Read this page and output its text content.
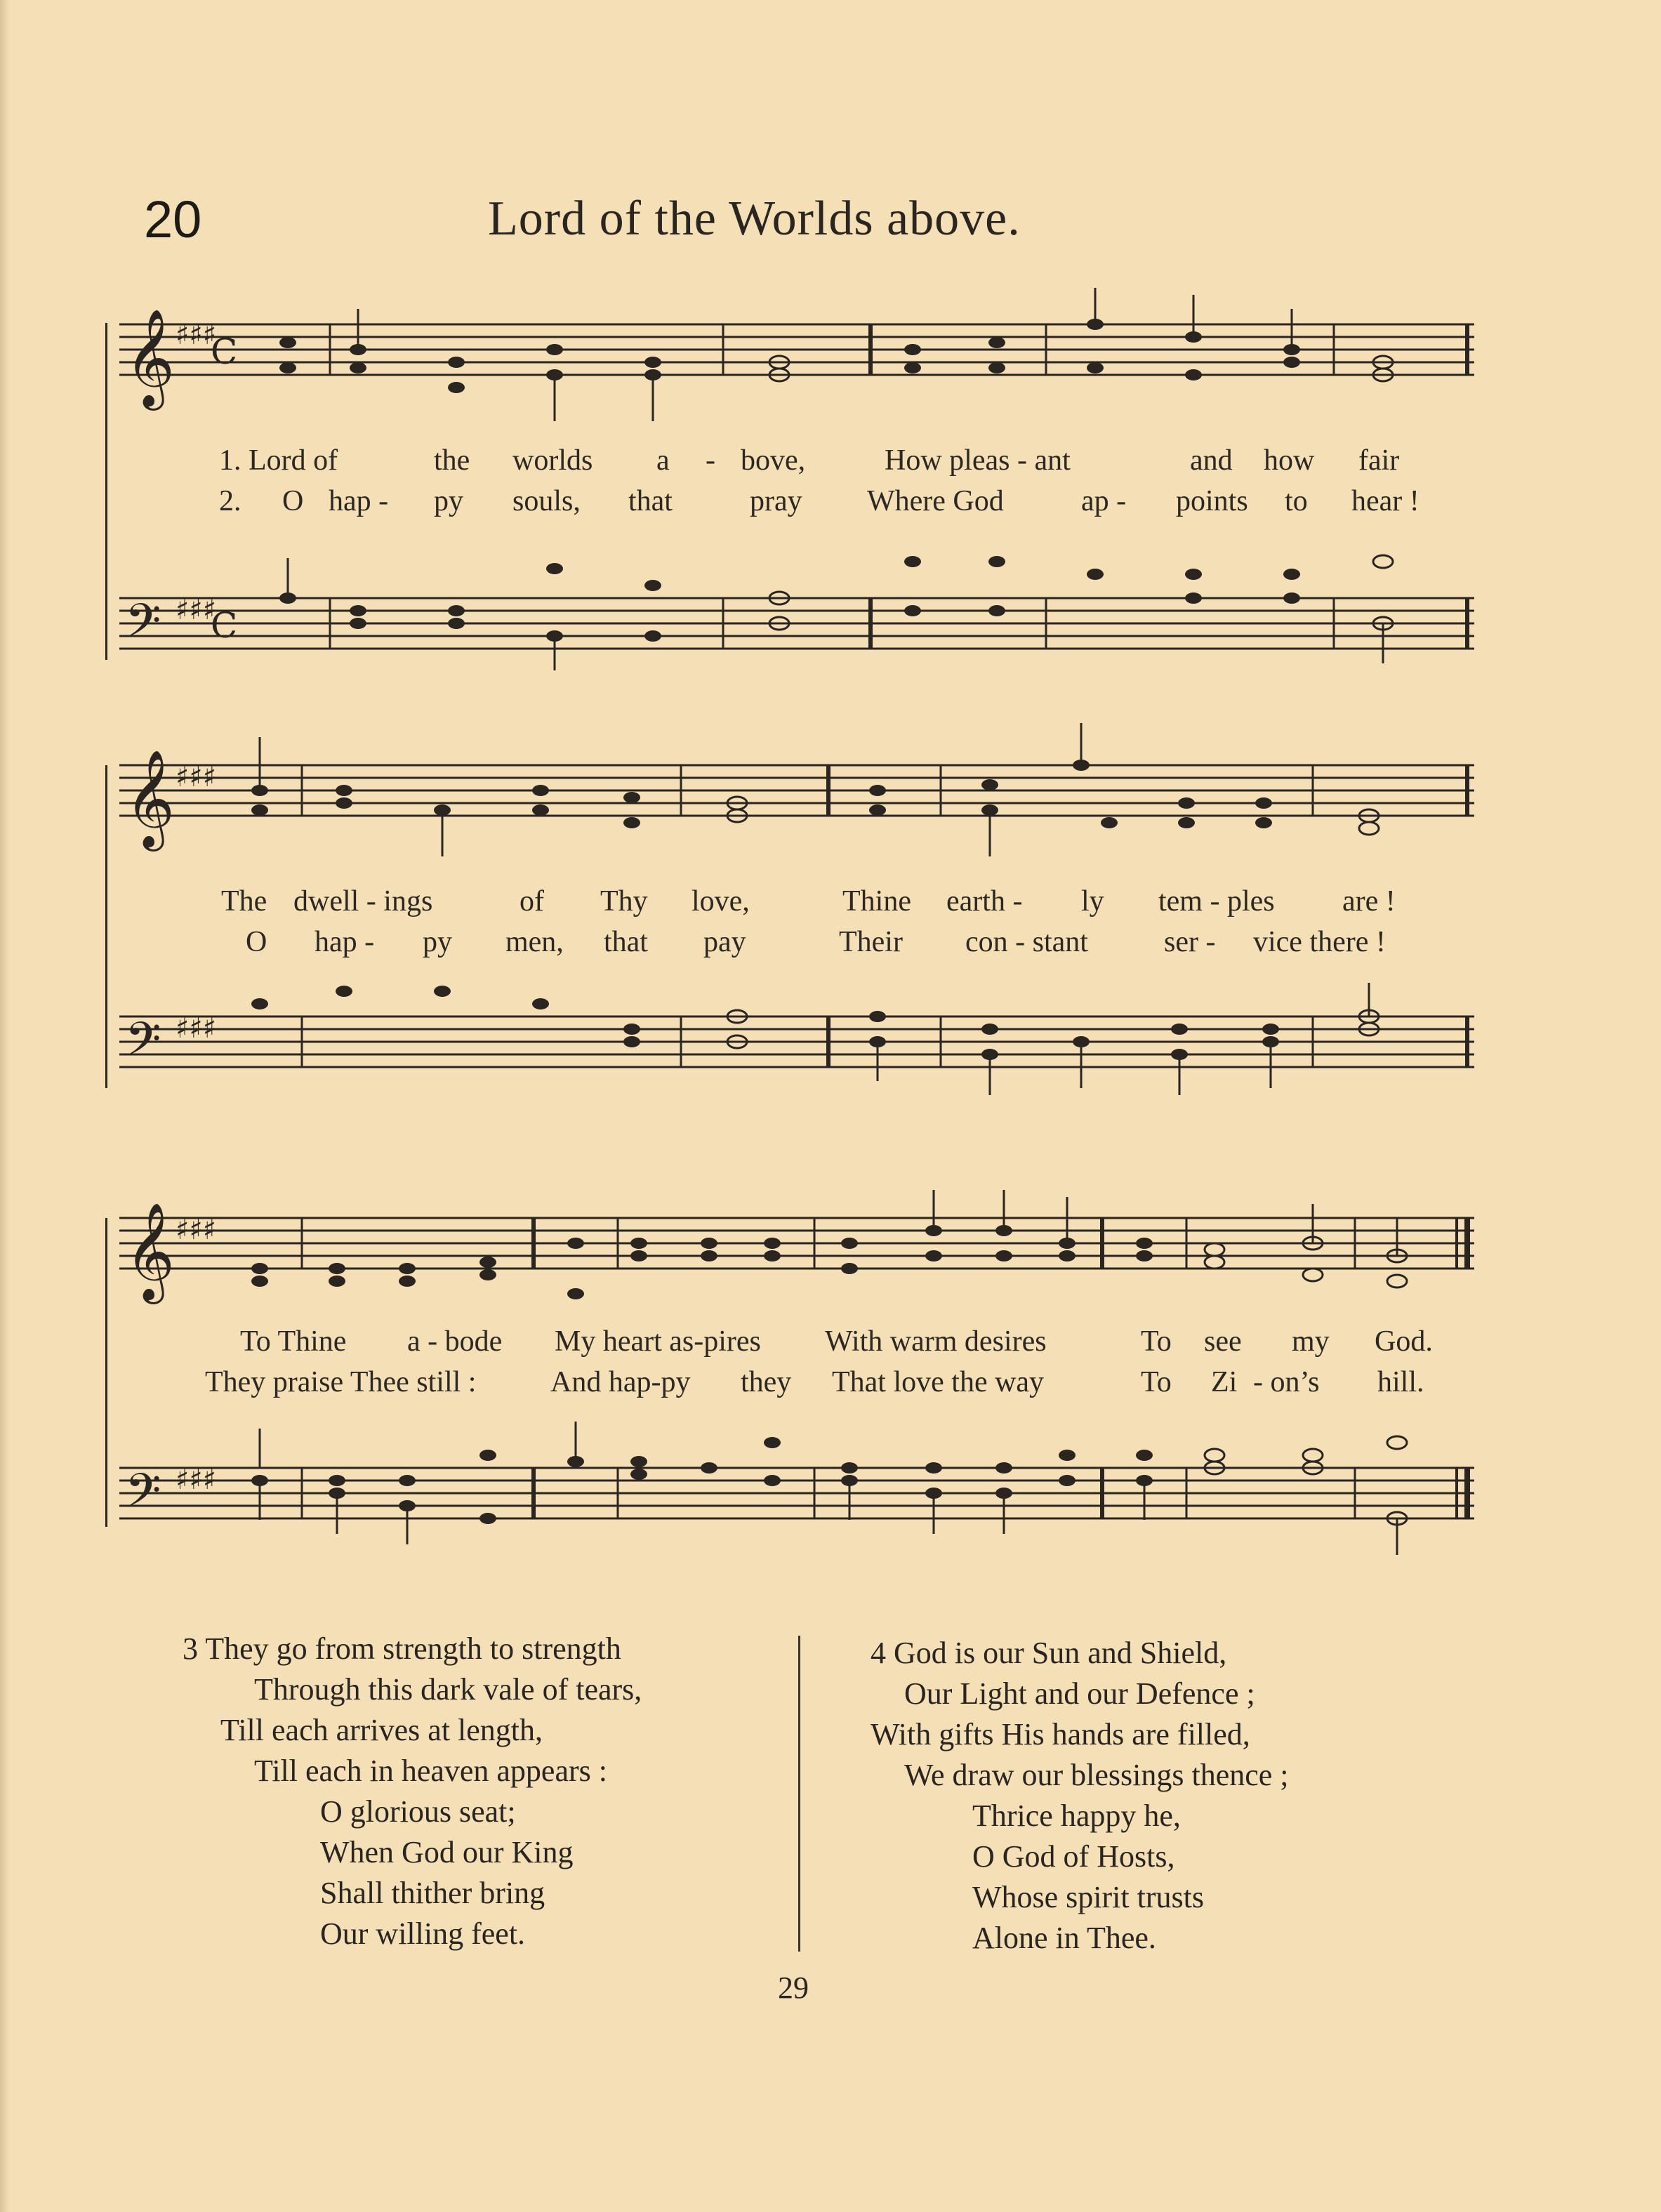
20	Lord of the Worlds above.
𝄞
𝄢
♯♯♯
♯♯♯
C
C
1. Lord of	the worlds a - bove,	How pleas - ant	and how fair
2. O hap - py souls, that	pray Where God	ap - points to hear !
𝄞
𝄢
♯♯♯
♯♯♯
The dwell - ings	of Thy love,	Thine earth - ly tem - ples are !
O hap - py men, that pay	Their con - stant	ser - vice there !
𝄞
𝄢
♯♯♯
♯♯♯
To Thine a - bode My heart as-pires With warm desires	To see my God.
They praise Thee still :	And hap-py they That love the way	To Zi - on’s hill.
3 They go from strength to strength
Through this dark vale of tears,
Till each arrives at length,
Till each in heaven appears :
O glorious seat;
When God our King
Shall thither bring
Our willing feet.
4 God is our Sun and Shield,
Our Light and our Defence ;
With gifts His hands are filled,
We draw our blessings thence ;
Thrice happy he,
O God of Hosts,
Whose spirit trusts
Alone in Thee.
29
